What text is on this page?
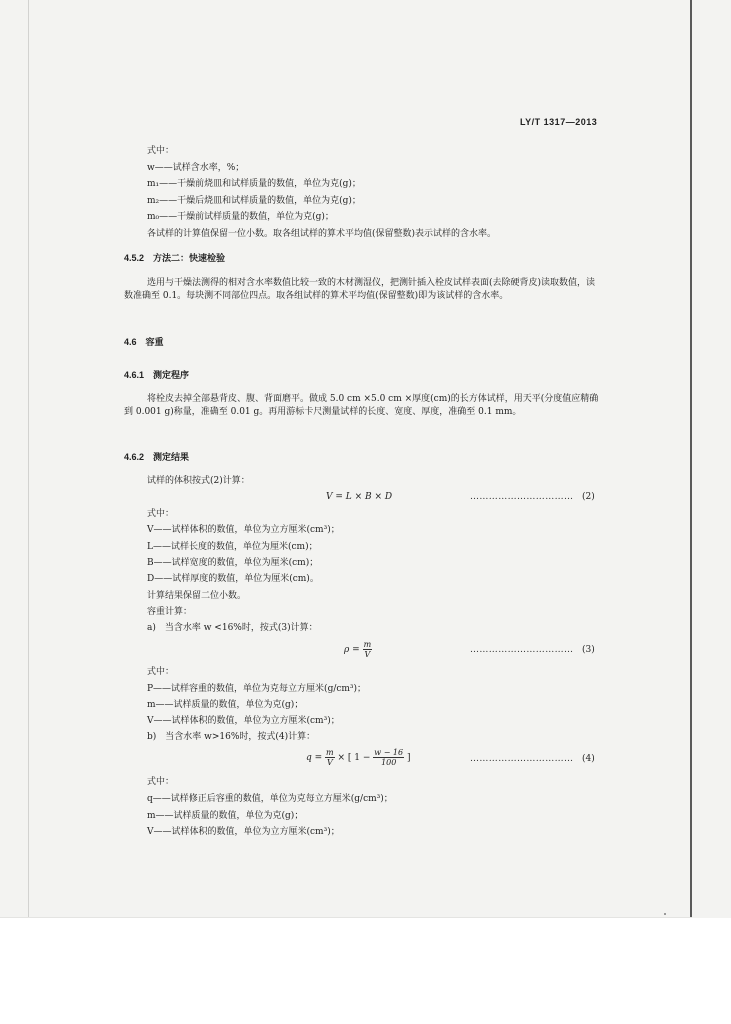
LY/T 1317—2013
式中：
w——试样含水率，%；
m₁——干燥前烧皿和试样质量的数值，单位为克(g)；
m₂——干燥后烧皿和试样质量的数值，单位为克(g)；
m₀——干燥前试样质量的数值，单位为克(g)；
各试样的计算值保留一位小数。取各组试样的算术平均值(保留整数)表示试样的含水率。
4.5.2　方法二：快速检验
选用与干燥法测得的相对含水率数值比较一致的木材测湿仪，把测针插入栓皮试样表面(去除硬背皮)读取数值，读数准确至 0.1。每块测不同部位四点。取各组试样的算术平均值(保留整数)即为该试样的含水率。
4.6　容重
4.6.1　测定程序
将栓皮去掉全部悬背皮、腹、背面磨平。做成 5.0 cm ×5.0 cm ×厚度(cm)的长方体试样，用天平(分度值应精确到 0.001 g)称量，准确至 0.01 g。再用游标卡尺测量试样的长度、宽度、厚度，准确至 0.1 mm。
4.6.2　测定结果
试样的体积按式(2)计算：
V = L × B × D	…………………………… (2)
式中：
V——试样体积的数值，单位为立方厘米(cm³)；
L——试样长度的数值，单位为厘米(cm)；
B——试样宽度的数值，单位为厘米(cm)；
D——试样厚度的数值，单位为厘米(cm)。
计算结果保留二位小数。
容重计算：
a)　当含水率 w <16%时，按式(3)计算：
$\rho = \frac{m}{V}$	…………………………… (3)
式中：
P——试样容重的数值，单位为克每立方厘米(g/cm³)；
m——试样质量的数值，单位为克(g)；
V——试样体积的数值，单位为立方厘米(cm³)；
b)　当含水率 w>16%时，按式(4)计算：
$q = \frac{m}{V}$ × [ $1 - \frac{w - 16}{100}$ ]	…………………………… (4)
式中：
q——试样修正后容重的数值，单位为克每立方厘米(g/cm³)；
m——试样质量的数值，单位为克(g)；
V——试样体积的数值，单位为立方厘米(cm³)；
